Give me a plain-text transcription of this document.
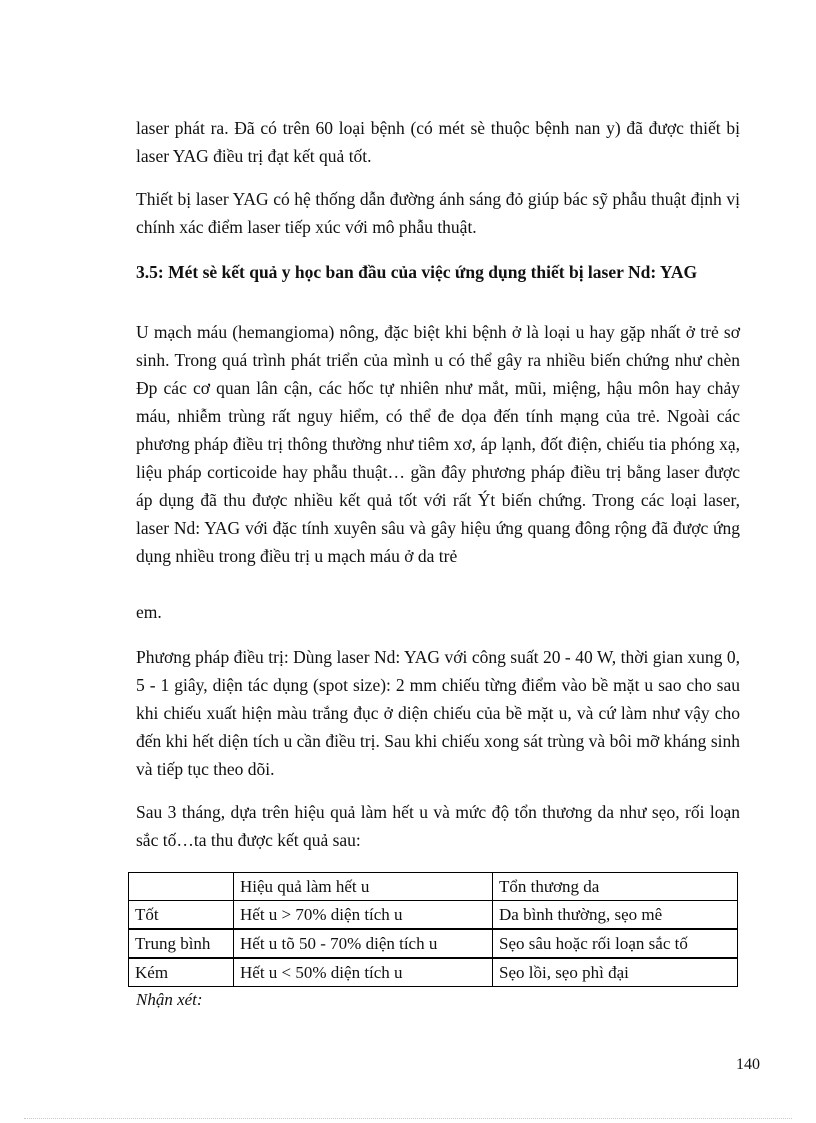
laser phát ra. Đã có trên 60 loại bệnh (có mét sè thuộc bệnh nan y) đã được thiết bị laser YAG điều trị đạt kết quả tốt.

Thiết bị laser YAG có hệ thống dẫn đường ánh sáng đỏ giúp bác sỹ phẫu thuật định vị chính xác điểm laser tiếp xúc với mô phẫu thuật.

3.5: Mét sè kết quả y học ban đầu của việc ứng dụng thiết bị laser Nd: YAG

U mạch máu (hemangioma) nông, đặc biệt khi bệnh ở là loại u hay gặp nhất ở trẻ sơ sinh. Trong quá trình phát triển của mình u có thể gây ra nhiều biến chứng như chèn Ðp các cơ quan lân cận, các hốc tự nhiên như mắt, mũi, miệng, hậu môn hay chảy máu, nhiễm trùng rất nguy hiểm, có thể đe dọa đến tính mạng của trẻ. Ngoài các phương pháp điều trị thông thường như tiêm xơ, áp lạnh, đốt điện, chiếu tia phóng xạ, liệu pháp corticoide hay phẫu thuật… gần đây phương pháp điều trị bằng laser được áp dụng đã thu được nhiều kết quả tốt với rất Ýt biến chứng. Trong các loại laser, laser Nd: YAG với đặc tính xuyên sâu và gây hiệu ứng quang đông rộng đã được ứng dụng nhiều trong điều trị u mạch máu ở da trẻ

em.

Phương pháp điều trị: Dùng laser Nd: YAG với công suất 20 - 40 W, thời gian xung 0, 5 - 1 giây, diện tác dụng (spot size): 2 mm chiếu từng điểm vào bề mặt u sao cho sau khi chiếu xuất hiện màu trắng đục ở diện chiếu của bề mặt u, và cứ làm như vậy cho đến khi hết diện tích u cần điều trị. Sau khi chiếu xong sát trùng và bôi mỡ kháng sinh và tiếp tục theo dõi.

Sau 3 tháng, dựa trên hiệu quả làm hết u và mức độ tổn thương da như sẹo, rối loạn sắc tố…ta thu được kết quả sau:

	Hiệu quả làm hết u	Tổn thương da
Tốt	Hết u > 70% diện tích u	Da bình thường, sẹo mê
Trung bình	Hết u tõ 50 - 70% diện tích u	Sẹo sâu hoặc rối loạn sắc tố
Kém	Hết u < 50% diện tích u	Sẹo lồi, sẹo phì đại
Nhận xét:
140
